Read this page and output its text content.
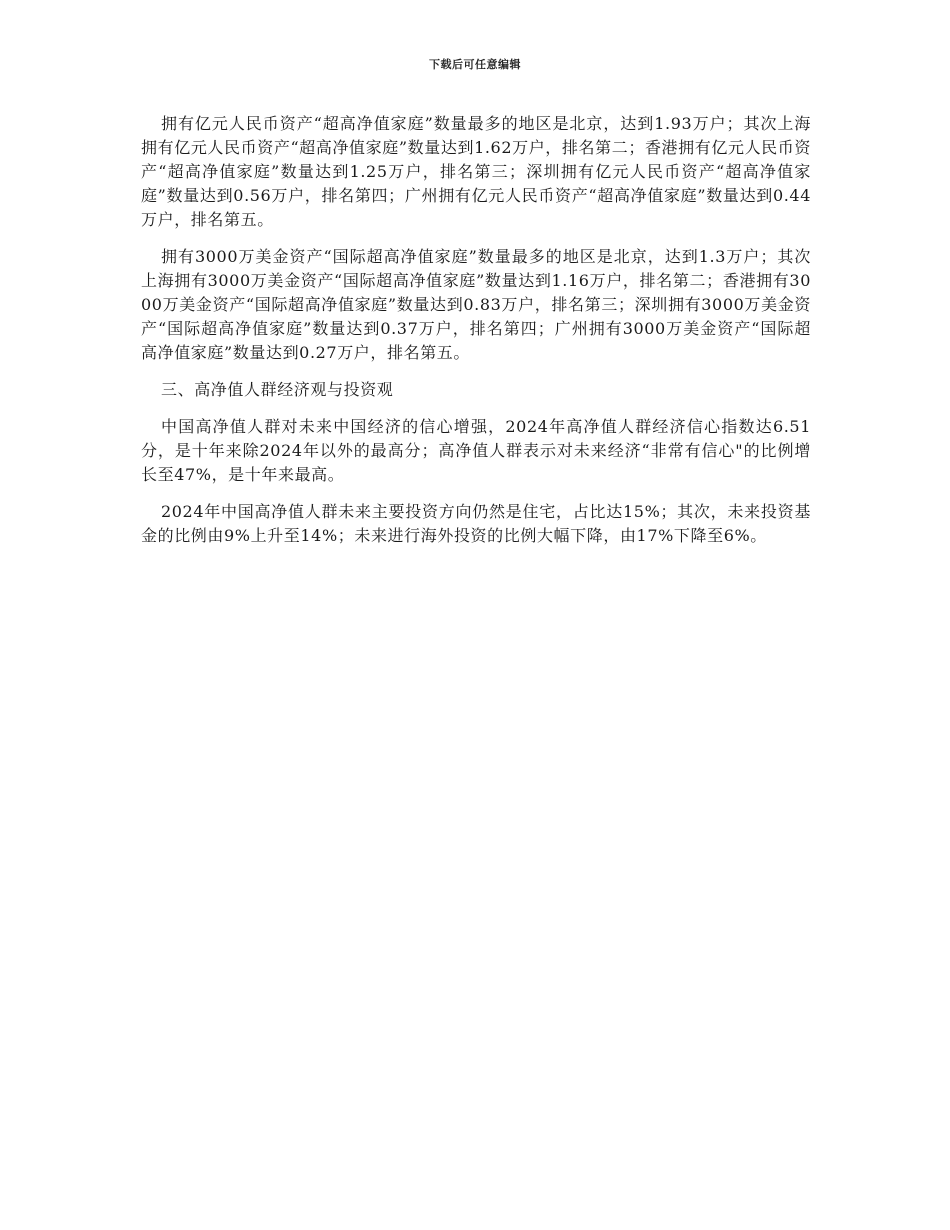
下载后可任意编辑

拥有亿元人民币资产“超高净值家庭”数量最多的地区是北京，达到1.93万户；其次上海拥有亿元人民币资产“超高净值家庭”数量达到1.62万户，排名第二；香港拥有亿元人民币资产“超高净值家庭”数量达到1.25万户，排名第三；深圳拥有亿元人民币资产“超高净值家庭”数量达到0.56万户，排名第四；广州拥有亿元人民币资产“超高净值家庭”数量达到0.44万户，排名第五。

拥有3000万美金资产“国际超高净值家庭”数量最多的地区是北京，达到1.3万户；其次上海拥有3000万美金资产“国际超高净值家庭”数量达到1.16万户，排名第二；香港拥有3000万美金资产“国际超高净值家庭”数量达到0.83万户，排名第三；深圳拥有3000万美金资产“国际超高净值家庭”数量达到0.37万户，排名第四；广州拥有3000万美金资产“国际超高净值家庭”数量达到0.27万户，排名第五。

三、高净值人群经济观与投资观

中国高净值人群对未来中国经济的信心增强，2024年高净值人群经济信心指数达6.51分，是十年来除2024年以外的最高分；高净值人群表示对未来经济“非常有信心"的比例增长至47%，是十年来最高。

2024年中国高净值人群未来主要投资方向仍然是住宅，占比达15%；其次，未来投资基金的比例由9%上升至14%；未来进行海外投资的比例大幅下降，由17%下降至6%。
